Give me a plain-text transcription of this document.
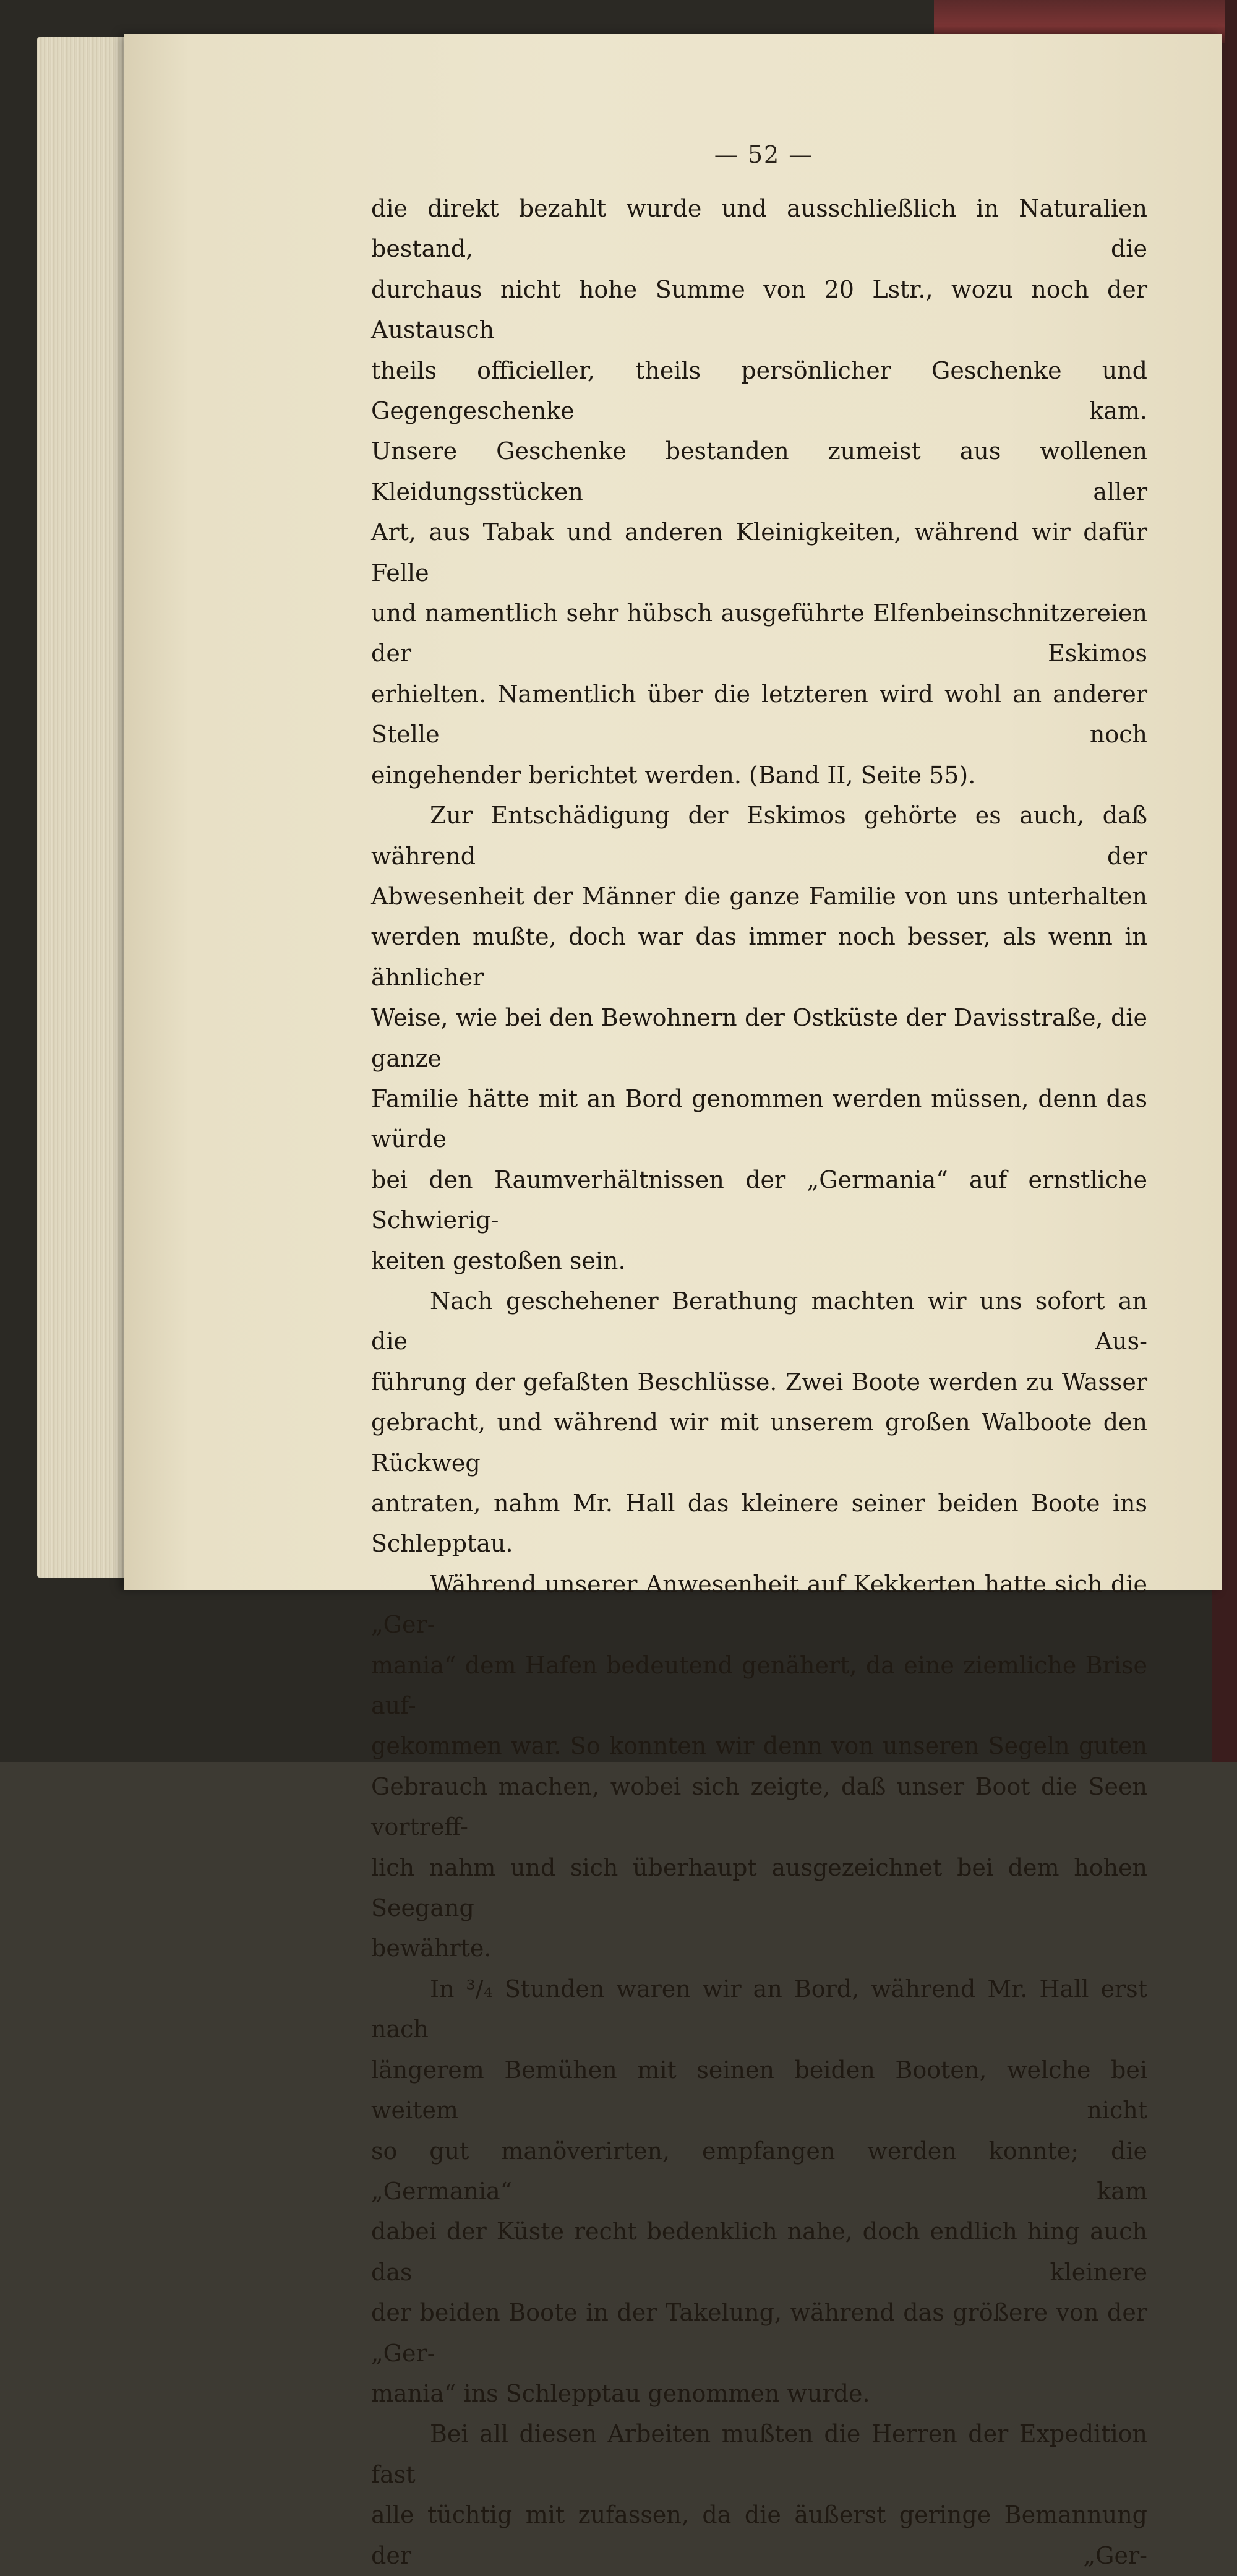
— 52 —

die direkt bezahlt wurde und ausschließlich in Naturalien bestand, die

durchaus nicht hohe Summe von 20 Lstr., wozu noch der Austausch

theils officieller, theils persönlicher Geschenke und Gegengeschenke kam.

Unsere Geschenke bestanden zumeist aus wollenen Kleidungsstücken aller

Art, aus Tabak und anderen Kleinigkeiten, während wir dafür Felle

und namentlich sehr hübsch ausgeführte Elfenbeinschnitzereien der Eskimos

erhielten. Namentlich über die letzteren wird wohl an anderer Stelle noch

eingehender berichtet werden. (Band II, Seite 55).

Zur Entschädigung der Eskimos gehörte es auch, daß während der

Abwesenheit der Männer die ganze Familie von uns unterhalten

werden mußte, doch war das immer noch besser, als wenn in ähnlicher

Weise, wie bei den Bewohnern der Ostküste der Davisstraße, die ganze

Familie hätte mit an Bord genommen werden müssen, denn das würde

bei den Raumverhältnissen der „Germania“ auf ernstliche Schwierig-

keiten gestoßen sein.

Nach geschehener Berathung machten wir uns sofort an die Aus-

führung der gefaßten Beschlüsse. Zwei Boote werden zu Wasser

gebracht, und während wir mit unserem großen Walboote den Rückweg

antraten, nahm Mr. Hall das kleinere seiner beiden Boote ins

Schlepptau.

Während unserer Anwesenheit auf Kekkerten hatte sich die „Ger-

mania“ dem Hafen bedeutend genähert, da eine ziemliche Brise auf-

gekommen war. So konnten wir denn von unseren Segeln guten

Gebrauch machen, wobei sich zeigte, daß unser Boot die Seen vortreff-

lich nahm und sich überhaupt ausgezeichnet bei dem hohen Seegang

bewährte.

In ³/₄ Stunden waren wir an Bord, während Mr. Hall erst nach

längerem Bemühen mit seinen beiden Booten, welche bei weitem nicht

so gut manöverirten, empfangen werden konnte; die „Germania“ kam

dabei der Küste recht bedenklich nahe, doch endlich hing auch das kleinere

der beiden Boote in der Takelung, während das größere von der „Ger-

mania“ ins Schlepptau genommen wurde.

Bei all diesen Arbeiten mußten die Herren der Expedition fast

alle tüchtig mit zufassen, da die äußerst geringe Bemannung der „Ger-
